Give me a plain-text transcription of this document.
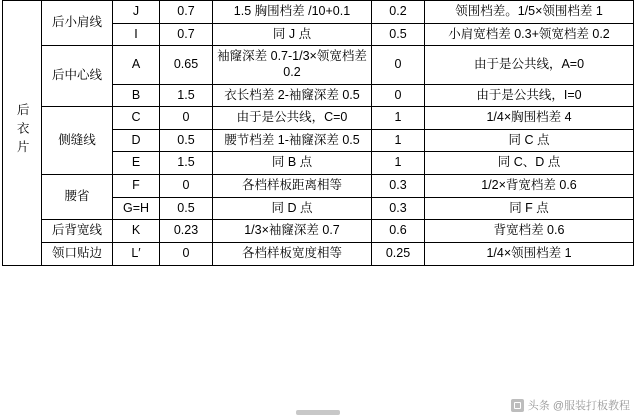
后衣片	后小肩线	J	0.7	1.5 胸围档差 /10+0.1	0.2	领围档差。1/5×领围档差 1
		I	0.7	同 J 点	0.5	小肩宽档差 0.3+领宽档差 0.2
	后中心线	A	0.65	袖窿深差 0.7-1/3×领宽档差 0.2	0	由于是公共线，A=0
		B	1.5	衣长档差 2-袖窿深差 0.5	0	由于是公共线，I=0
	侧缝线	C	0	由于是公共线，C=0	1	1/4×胸围档差 4
		D	0.5	腰节档差 1-袖窿深差 0.5	1	同 C 点
		E	1.5	同 B 点	1	同 C、D 点
	腰省	F	0	各档样板距离相等	0.3	1/2×背宽档差 0.6
		G=H	0.5	同 D 点	0.3	同 F 点
	后背宽线	K	0.23	1/3×袖窿深差 0.7	0.6	背宽档差 0.6
	领口贴边	L′	0	各档样板宽度相等	0.25	1/4×领围档差 1
头条 @服装打板教程
